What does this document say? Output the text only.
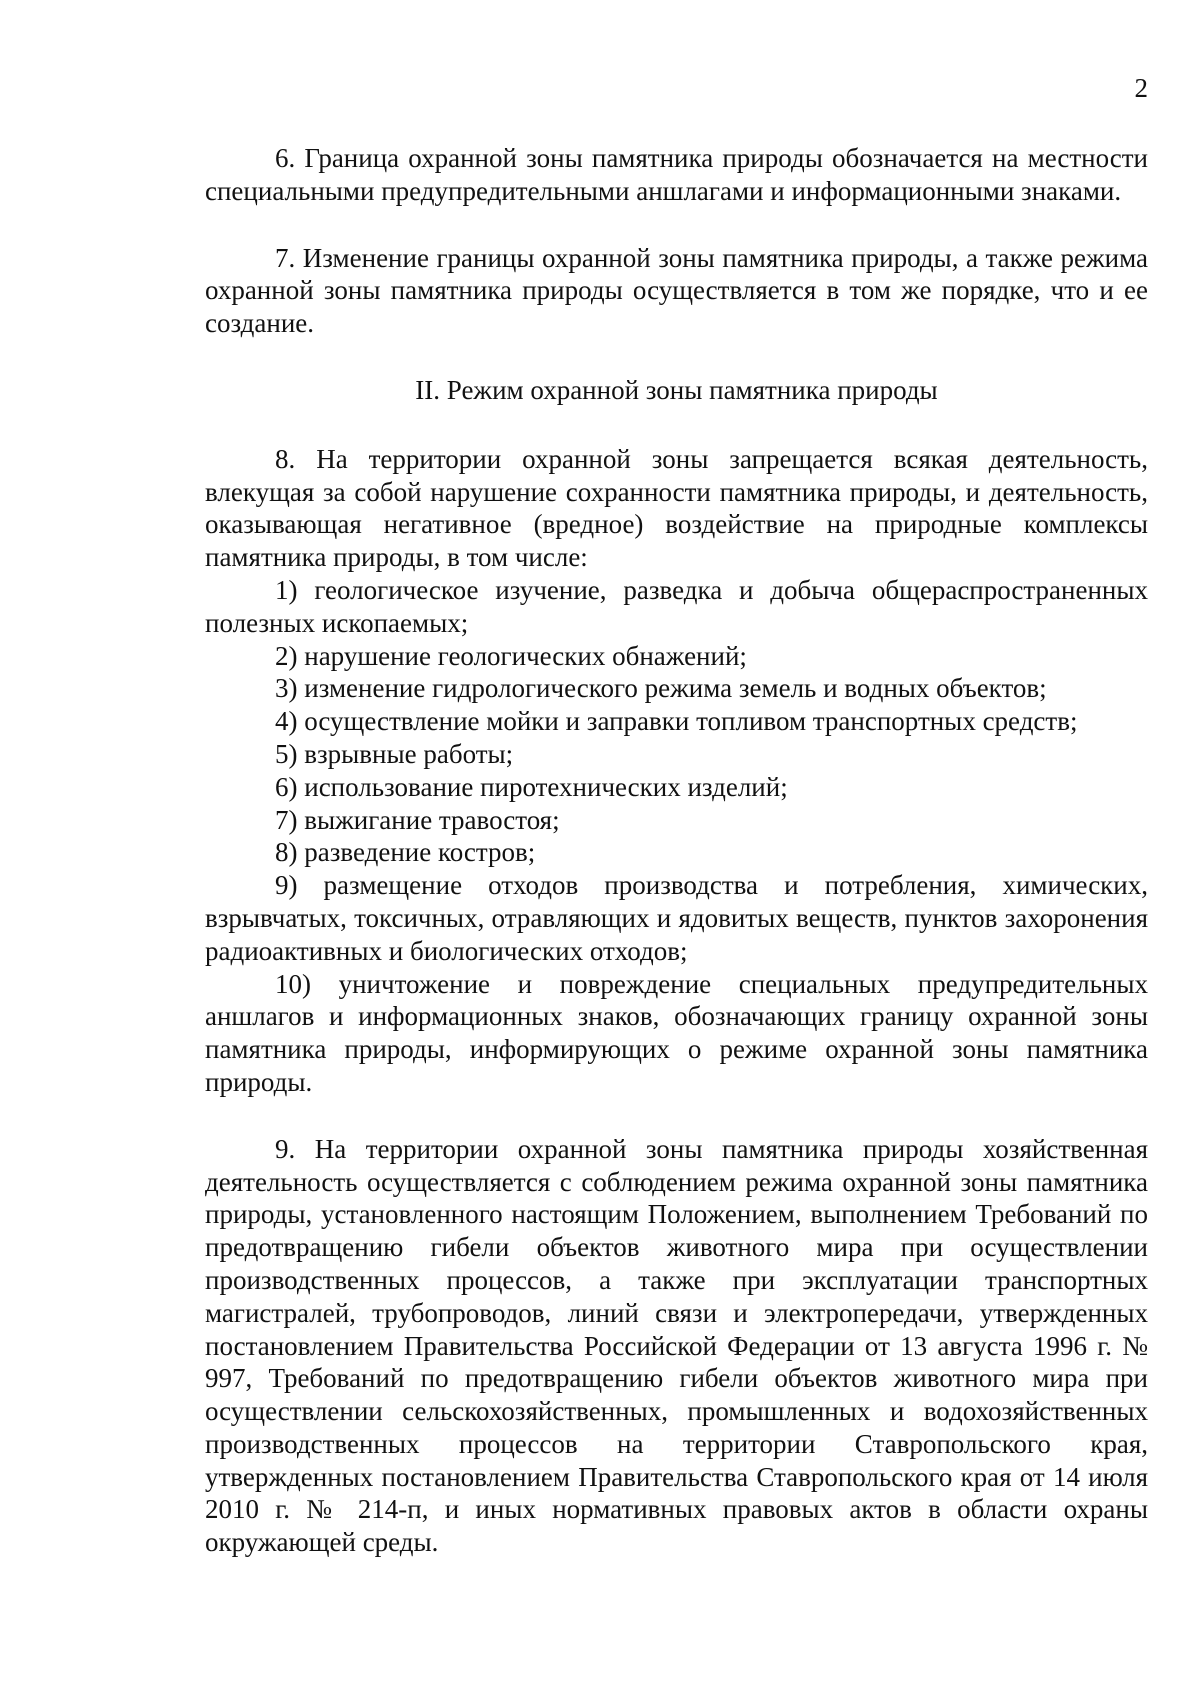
2

6. Граница охранной зоны памятника природы обозначается на местности специальными предупредительными аншлагами и информационными знаками.

7. Изменение границы охранной зоны памятника природы, а также режима охранной зоны памятника природы осуществляется в том же порядке, что и ее создание.

II. Режим охранной зоны памятника природы

8. На территории охранной зоны запрещается всякая деятельность, влекущая за собой нарушение сохранности памятника природы, и деятельность, оказывающая негативное (вредное) воздействие на природные комплексы памятника природы, в том числе:

1) геологическое изучение, разведка и добыча общераспространенных полезных ископаемых;

2) нарушение геологических обнажений;

3) изменение гидрологического режима земель и водных объектов;

4) осуществление мойки и заправки топливом транспортных средств;

5) взрывные работы;

6) использование пиротехнических изделий;

7) выжигание травостоя;

8) разведение костров;

9) размещение отходов производства и потребления, химических, взрывчатых, токсичных, отравляющих и ядовитых веществ, пунктов захоронения радиоактивных и биологических отходов;

10) уничтожение и повреждение специальных предупредительных аншлагов и информационных знаков, обозначающих границу охранной зоны памятника природы, информирующих о режиме охранной зоны памятника природы.

9. На территории охранной зоны памятника природы хозяйственная деятельность осуществляется с соблюдением режима охранной зоны памятника природы, установленного настоящим Положением, выполнением Требований по предотвращению гибели объектов животного мира при осуществлении производственных процессов, а также при эксплуатации транспортных магистралей, трубопроводов, линий связи и электропередачи, утвержденных постановлением Правительства Российской Федерации от 13 августа 1996 г. № 997, Требований по предотвращению гибели объектов животного мира при осуществлении сельскохозяйственных, промышленных и водохозяйственных производственных процессов на территории Ставропольского края, утвержденных постановлением Правительства Ставропольского края от 14 июля 2010 г. № 214-п, и иных нормативных правовых актов в области охраны окружающей среды.
